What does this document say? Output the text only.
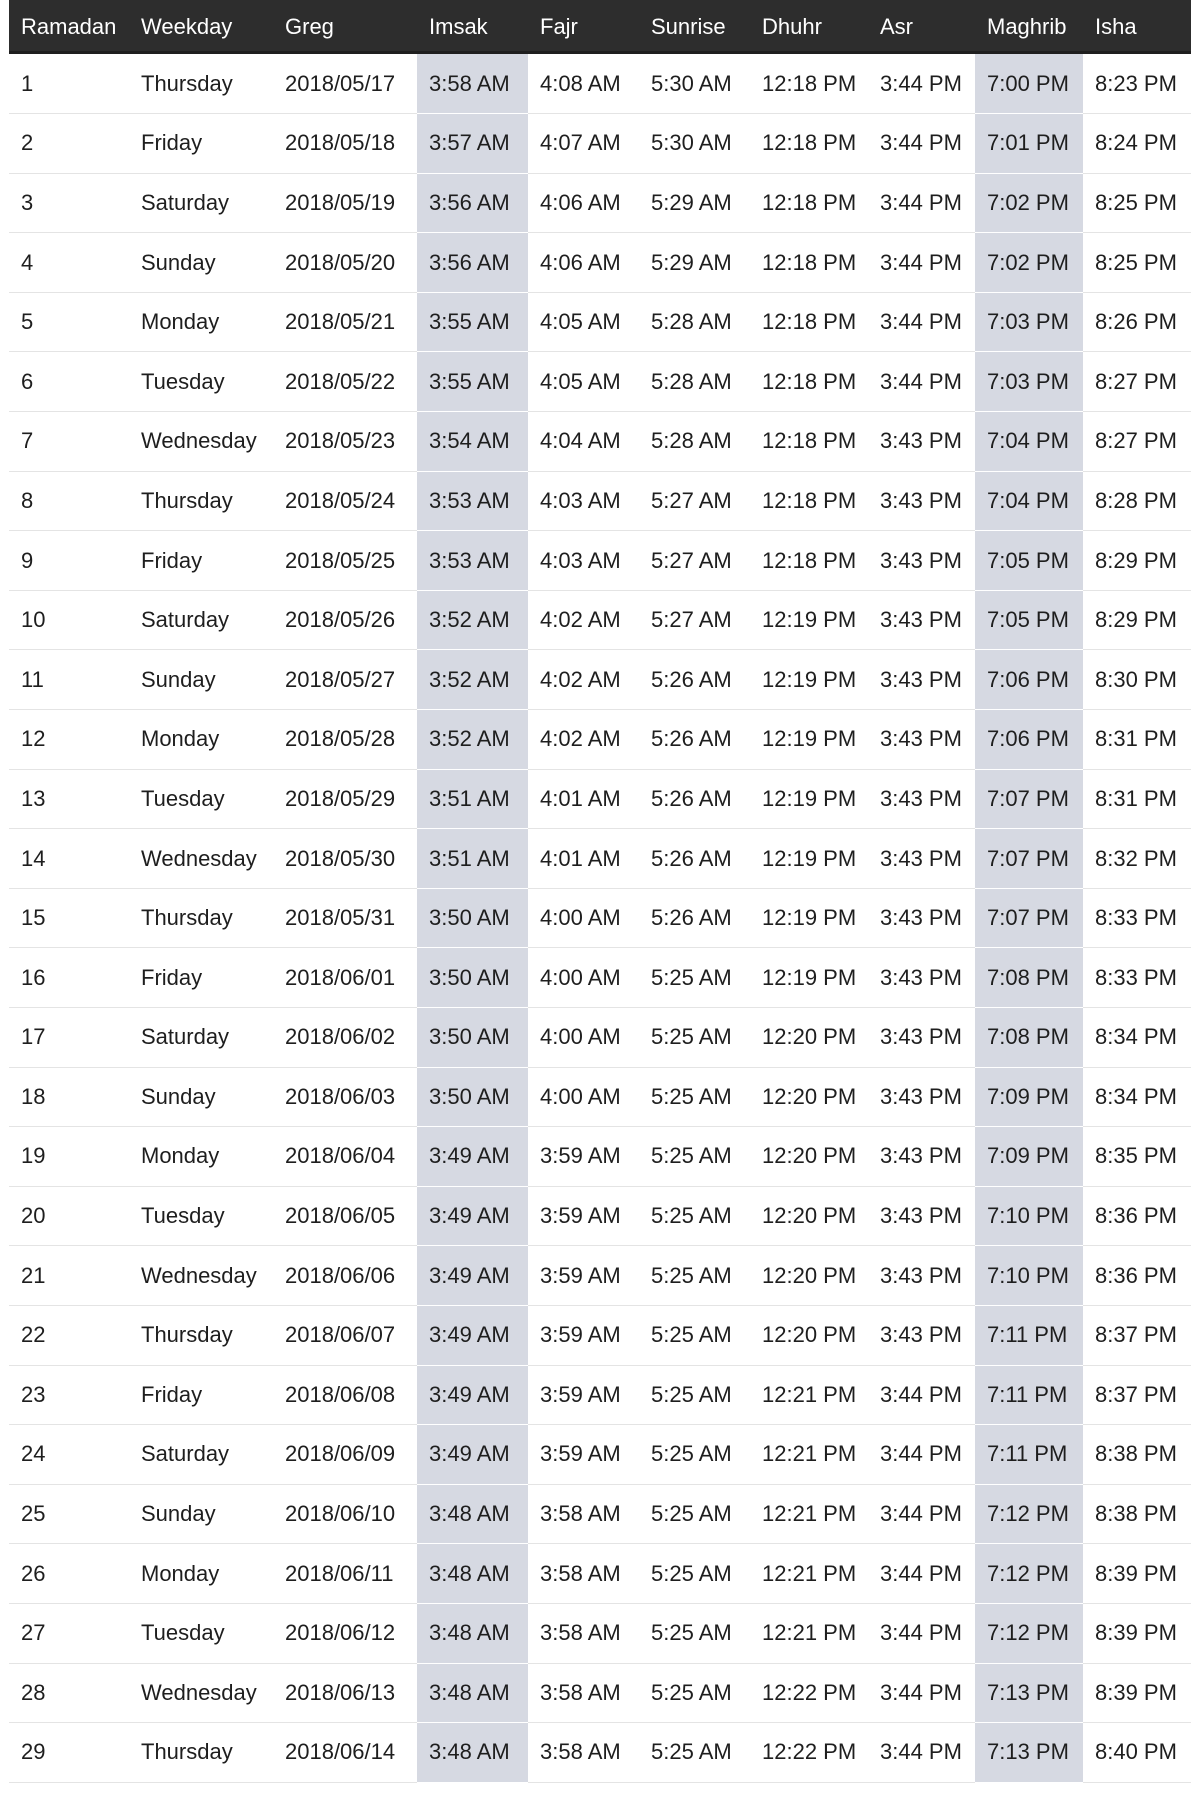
Ramadan	Weekday	Greg	Imsak	Fajr	Sunrise	Dhuhr	Asr	Maghrib	Isha
1	Thursday	2018/05/17	3:58 AM	4:08 AM	5:30 AM	12:18 PM	3:44 PM	7:00 PM	8:23 PM
2	Friday	2018/05/18	3:57 AM	4:07 AM	5:30 AM	12:18 PM	3:44 PM	7:01 PM	8:24 PM
3	Saturday	2018/05/19	3:56 AM	4:06 AM	5:29 AM	12:18 PM	3:44 PM	7:02 PM	8:25 PM
4	Sunday	2018/05/20	3:56 AM	4:06 AM	5:29 AM	12:18 PM	3:44 PM	7:02 PM	8:25 PM
5	Monday	2018/05/21	3:55 AM	4:05 AM	5:28 AM	12:18 PM	3:44 PM	7:03 PM	8:26 PM
6	Tuesday	2018/05/22	3:55 AM	4:05 AM	5:28 AM	12:18 PM	3:44 PM	7:03 PM	8:27 PM
7	Wednesday	2018/05/23	3:54 AM	4:04 AM	5:28 AM	12:18 PM	3:43 PM	7:04 PM	8:27 PM
8	Thursday	2018/05/24	3:53 AM	4:03 AM	5:27 AM	12:18 PM	3:43 PM	7:04 PM	8:28 PM
9	Friday	2018/05/25	3:53 AM	4:03 AM	5:27 AM	12:18 PM	3:43 PM	7:05 PM	8:29 PM
10	Saturday	2018/05/26	3:52 AM	4:02 AM	5:27 AM	12:19 PM	3:43 PM	7:05 PM	8:29 PM
11	Sunday	2018/05/27	3:52 AM	4:02 AM	5:26 AM	12:19 PM	3:43 PM	7:06 PM	8:30 PM
12	Monday	2018/05/28	3:52 AM	4:02 AM	5:26 AM	12:19 PM	3:43 PM	7:06 PM	8:31 PM
13	Tuesday	2018/05/29	3:51 AM	4:01 AM	5:26 AM	12:19 PM	3:43 PM	7:07 PM	8:31 PM
14	Wednesday	2018/05/30	3:51 AM	4:01 AM	5:26 AM	12:19 PM	3:43 PM	7:07 PM	8:32 PM
15	Thursday	2018/05/31	3:50 AM	4:00 AM	5:26 AM	12:19 PM	3:43 PM	7:07 PM	8:33 PM
16	Friday	2018/06/01	3:50 AM	4:00 AM	5:25 AM	12:19 PM	3:43 PM	7:08 PM	8:33 PM
17	Saturday	2018/06/02	3:50 AM	4:00 AM	5:25 AM	12:20 PM	3:43 PM	7:08 PM	8:34 PM
18	Sunday	2018/06/03	3:50 AM	4:00 AM	5:25 AM	12:20 PM	3:43 PM	7:09 PM	8:34 PM
19	Monday	2018/06/04	3:49 AM	3:59 AM	5:25 AM	12:20 PM	3:43 PM	7:09 PM	8:35 PM
20	Tuesday	2018/06/05	3:49 AM	3:59 AM	5:25 AM	12:20 PM	3:43 PM	7:10 PM	8:36 PM
21	Wednesday	2018/06/06	3:49 AM	3:59 AM	5:25 AM	12:20 PM	3:43 PM	7:10 PM	8:36 PM
22	Thursday	2018/06/07	3:49 AM	3:59 AM	5:25 AM	12:20 PM	3:43 PM	7:11 PM	8:37 PM
23	Friday	2018/06/08	3:49 AM	3:59 AM	5:25 AM	12:21 PM	3:44 PM	7:11 PM	8:37 PM
24	Saturday	2018/06/09	3:49 AM	3:59 AM	5:25 AM	12:21 PM	3:44 PM	7:11 PM	8:38 PM
25	Sunday	2018/06/10	3:48 AM	3:58 AM	5:25 AM	12:21 PM	3:44 PM	7:12 PM	8:38 PM
26	Monday	2018/06/11	3:48 AM	3:58 AM	5:25 AM	12:21 PM	3:44 PM	7:12 PM	8:39 PM
27	Tuesday	2018/06/12	3:48 AM	3:58 AM	5:25 AM	12:21 PM	3:44 PM	7:12 PM	8:39 PM
28	Wednesday	2018/06/13	3:48 AM	3:58 AM	5:25 AM	12:22 PM	3:44 PM	7:13 PM	8:39 PM
29	Thursday	2018/06/14	3:48 AM	3:58 AM	5:25 AM	12:22 PM	3:44 PM	7:13 PM	8:40 PM
